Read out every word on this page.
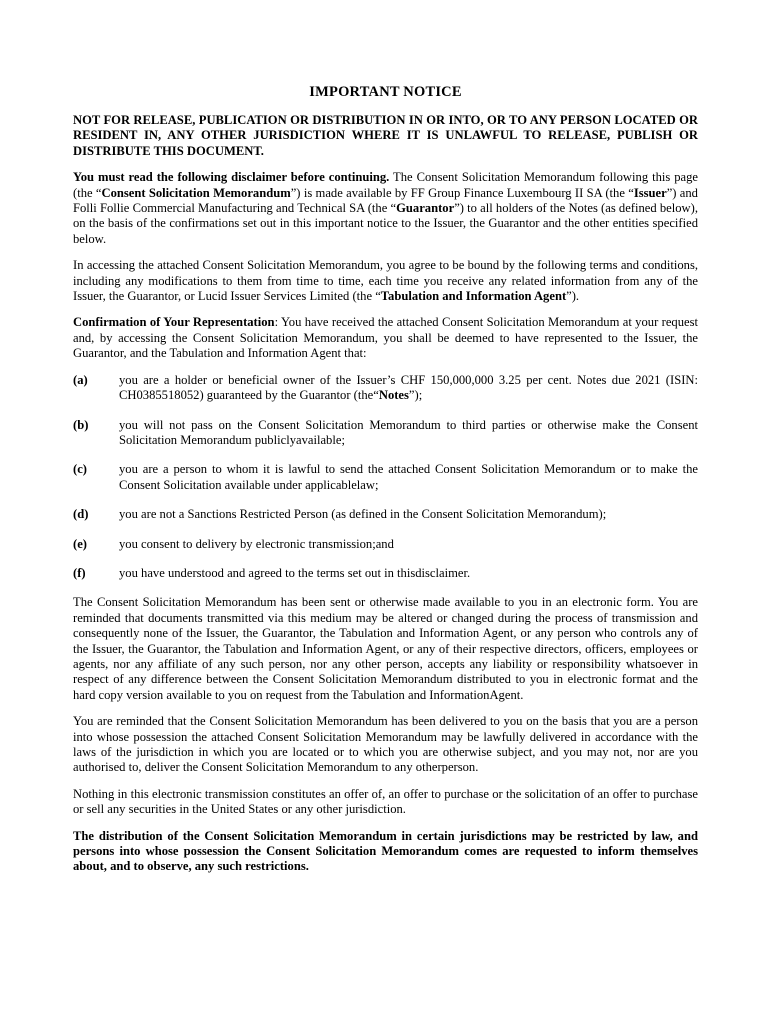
IMPORTANT NOTICE

NOT FOR RELEASE, PUBLICATION OR DISTRIBUTION IN OR INTO, OR TO ANY PERSON LOCATED OR RESIDENT IN, ANY OTHER JURISDICTION WHERE IT IS UNLAWFUL TO RELEASE, PUBLISH OR DISTRIBUTE THIS DOCUMENT.

You must read the following disclaimer before continuing. The Consent Solicitation Memorandum following this page (the “Consent Solicitation Memorandum”) is made available by FF Group Finance Luxembourg II SA (the “Issuer”) and Folli Follie Commercial Manufacturing and Technical SA (the “Guarantor”) to all holders of the Notes (as defined below), on the basis of the confirmations set out in this important notice to the Issuer, the Guarantor and the other entities specified below.

In accessing the attached Consent Solicitation Memorandum, you agree to be bound by the following terms and conditions, including any modifications to them from time to time, each time you receive any related information from any of the Issuer, the Guarantor, or Lucid Issuer Services Limited (the “Tabulation and Information Agent”).

Confirmation of Your Representation: You have received the attached Consent Solicitation Memorandum at your request and, by accessing the Consent Solicitation Memorandum, you shall be deemed to have represented to the Issuer, the Guarantor, and the Tabulation and Information Agent that:

(a)	you are a holder or beneficial owner of the Issuer’s CHF 150,000,000 3.25 per cent. Notes due 2021 (ISIN: CH0385518052) guaranteed by the Guarantor (the“Notes”);
(b)	you will not pass on the Consent Solicitation Memorandum to third parties or otherwise make the Consent Solicitation Memorandum publiclyavailable;
(c)	you are a person to whom it is lawful to send the attached Consent Solicitation Memorandum or to make the Consent Solicitation available under applicablelaw;
(d)	you are not a Sanctions Restricted Person (as defined in the Consent Solicitation Memorandum);
(e)	you consent to delivery by electronic transmission;and
(f)	you have understood and agreed to the terms set out in thisdisclaimer.

The Consent Solicitation Memorandum has been sent or otherwise made available to you in an electronic form. You are reminded that documents transmitted via this medium may be altered or changed during the process of transmission and consequently none of the Issuer, the Guarantor, the Tabulation and Information Agent, or any person who controls any of the Issuer, the Guarantor, the Tabulation and Information Agent, or any of their respective directors, officers, employees or agents, nor any affiliate of any such person, nor any other person, accepts any liability or responsibility whatsoever in respect of any difference between the Consent Solicitation Memorandum distributed to you in electronic format and the hard copy version available to you on request from the Tabulation and InformationAgent.

You are reminded that the Consent Solicitation Memorandum has been delivered to you on the basis that you are a person into whose possession the attached Consent Solicitation Memorandum may be lawfully delivered in accordance with the laws of the jurisdiction in which you are located or to which you are otherwise subject, and you may not, nor are you authorised to, deliver the Consent Solicitation Memorandum to any otherperson.

Nothing in this electronic transmission constitutes an offer of, an offer to purchase or the solicitation of an offer to purchase or sell any securities in the United States or any other jurisdiction.

The distribution of the Consent Solicitation Memorandum in certain jurisdictions may be restricted by law, and persons into whose possession the Consent Solicitation Memorandum comes are requested to inform themselves about, and to observe, any such restrictions.
